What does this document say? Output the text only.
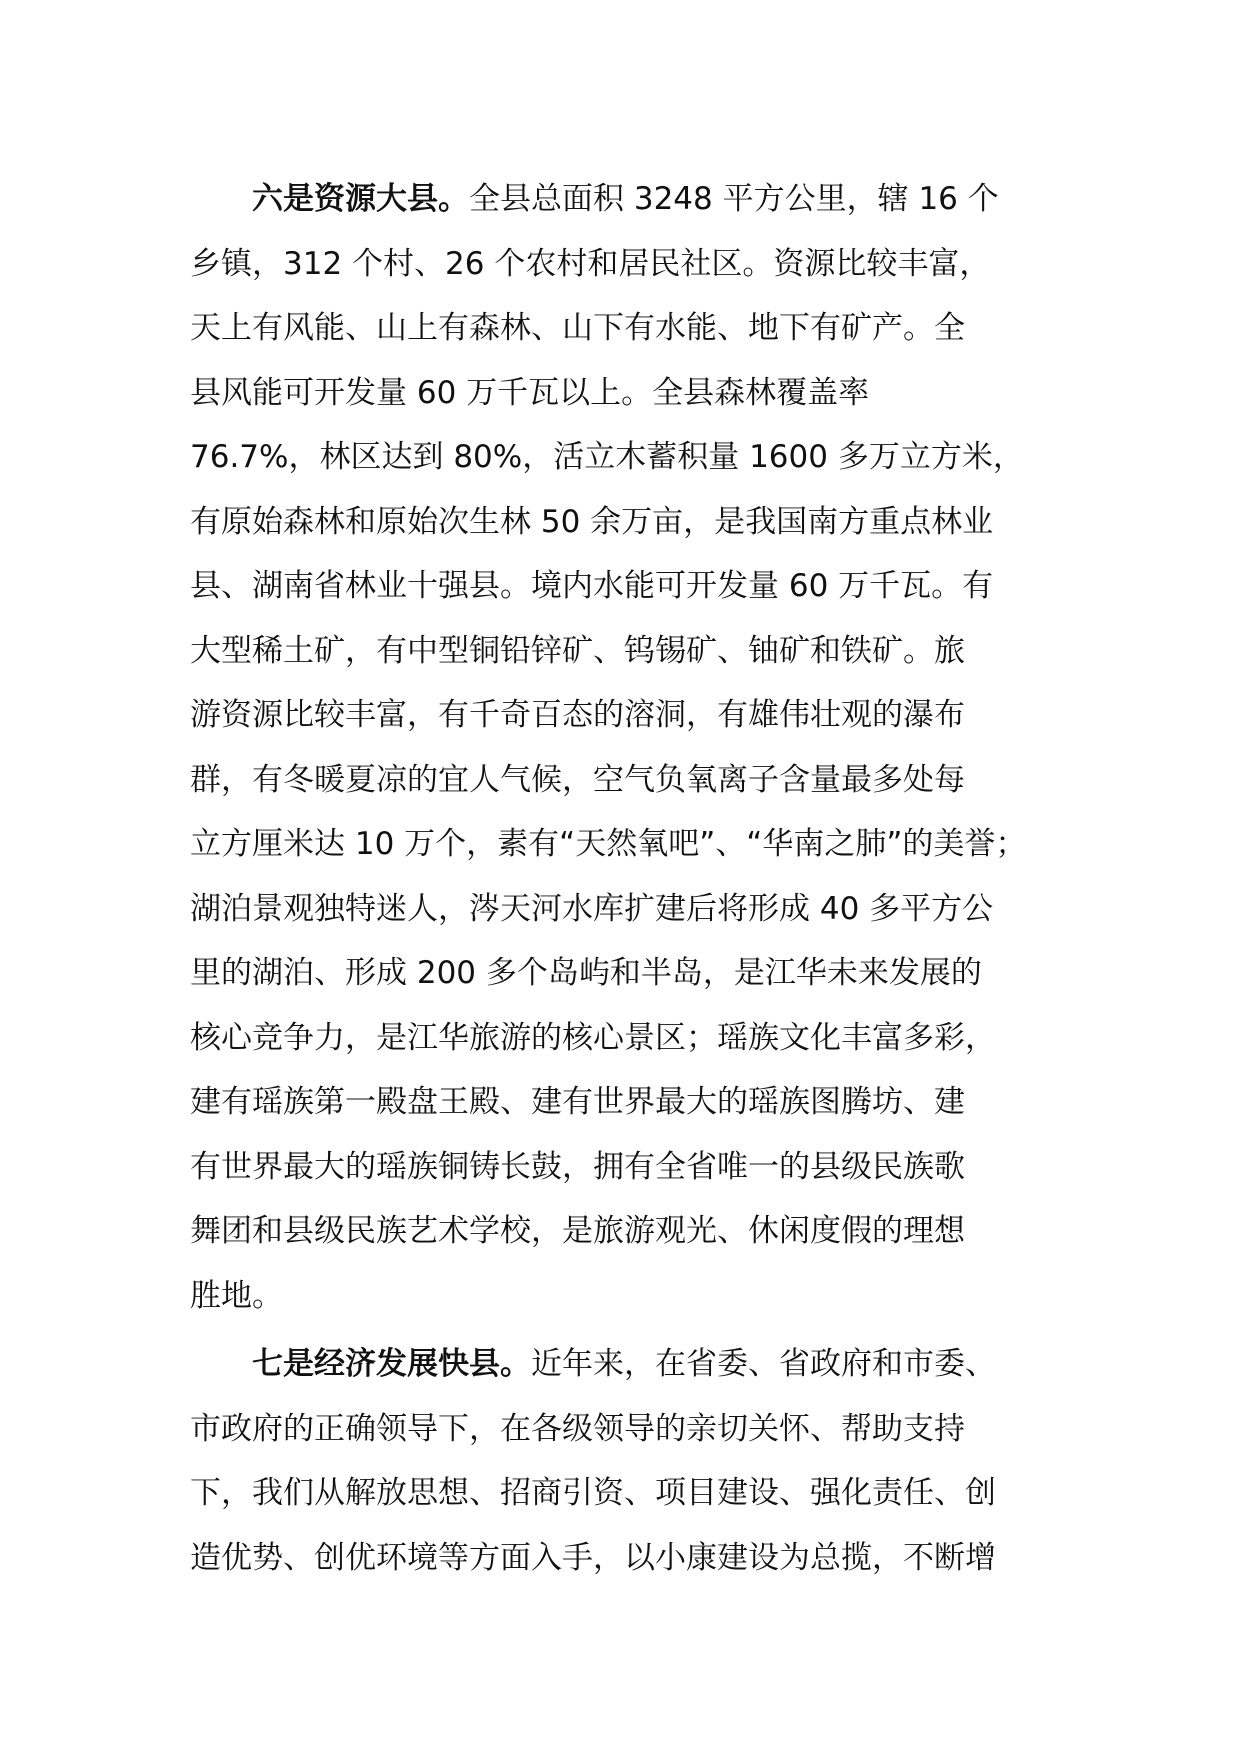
六是资源大县。全县总面积 3248 平方公里，辖 16 个
乡镇，312 个村、26 个农村和居民社区。资源比较丰富，
天上有风能、山上有森林、山下有水能、地下有矿产。全
县风能可开发量 60 万千瓦以上。全县森林覆盖率
76.7%，林区达到 80%，活立木蓄积量 1600 多万立方米，
有原始森林和原始次生林 50 余万亩，是我国南方重点林业
县、湖南省林业十强县。境内水能可开发量 60 万千瓦。有
大型稀土矿，有中型铜铅锌矿、钨锡矿、铀矿和铁矿。旅
游资源比较丰富，有千奇百态的溶洞，有雄伟壮观的瀑布
群，有冬暖夏凉的宜人气候，空气负氧离子含量最多处每
立方厘米达 10 万个，素有“天然氧吧”、“华南之肺”的美誉；
湖泊景观独特迷人，涔天河水库扩建后将形成 40 多平方公
里的湖泊、形成 200 多个岛屿和半岛，是江华未来发展的
核心竞争力，是江华旅游的核心景区；瑶族文化丰富多彩，
建有瑶族第一殿盘王殿、建有世界最大的瑶族图腾坊、建
有世界最大的瑶族铜铸长鼓，拥有全省唯一的县级民族歌
舞团和县级民族艺术学校，是旅游观光、休闲度假的理想
胜地。
七是经济发展快县。近年来，在省委、省政府和市委、
市政府的正确领导下，在各级领导的亲切关怀、帮助支持
下，我们从解放思想、招商引资、项目建设、强化责任、创
造优势、创优环境等方面入手，以小康建设为总揽，不断增
